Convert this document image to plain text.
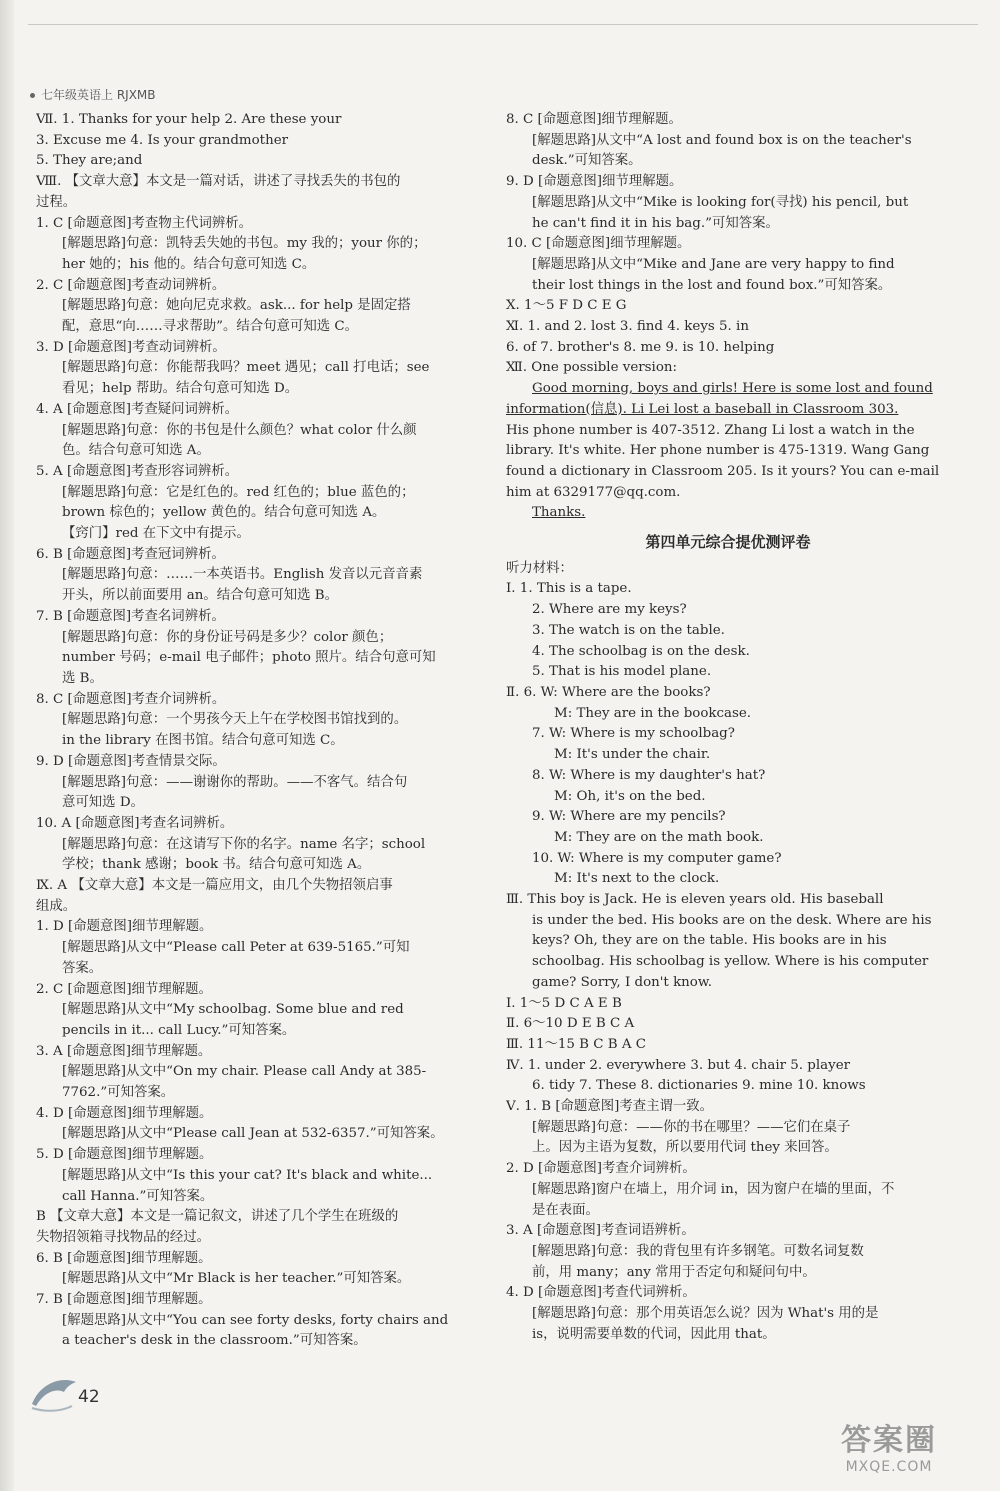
七年级英语上 RJXMB
Ⅶ. 1. Thanks for your help 2. Are these your
3. Excuse me 4. Is your grandmother
5. They are;and
Ⅷ. 【文章大意】本文是一篇对话，讲述了寻找丢失的书包的
过程。
1. C [命题意图]考查物主代词辨析。
[解题思路]句意：凯特丢失她的书包。my 我的；your 你的；
her 她的；his 他的。结合句意可知选 C。
2. C [命题意图]考查动词辨析。
[解题思路]句意：她向尼克求救。ask... for help 是固定搭
配，意思“向……寻求帮助”。结合句意可知选 C。
3. D [命题意图]考查动词辨析。
[解题思路]句意：你能帮我吗？meet 遇见；call 打电话；see
看见；help 帮助。结合句意可知选 D。
4. A [命题意图]考查疑问词辨析。
[解题思路]句意：你的书包是什么颜色？what color 什么颜
色。结合句意可知选 A。
5. A [命题意图]考查形容词辨析。
[解题思路]句意：它是红色的。red 红色的；blue 蓝色的；
brown 棕色的；yellow 黄色的。结合句意可知选 A。
【窍门】red 在下文中有提示。
6. B [命题意图]考查冠词辨析。
[解题思路]句意：……一本英语书。English 发音以元音音素
开头，所以前面要用 an。结合句意可知选 B。
7. B [命题意图]考查名词辨析。
[解题思路]句意：你的身份证号码是多少？color 颜色；
number 号码；e-mail 电子邮件；photo 照片。结合句意可知
选 B。
8. C [命题意图]考查介词辨析。
[解题思路]句意：一个男孩今天上午在学校图书馆找到的。
in the library 在图书馆。结合句意可知选 C。
9. D [命题意图]考查情景交际。
[解题思路]句意：——谢谢你的帮助。——不客气。结合句
意可知选 D。
10. A [命题意图]考查名词辨析。
[解题思路]句意：在这请写下你的名字。name 名字；school
学校；thank 感谢；book 书。结合句意可知选 A。
Ⅸ. A 【文章大意】本文是一篇应用文，由几个失物招领启事
组成。
1. D [命题意图]细节理解题。
[解题思路]从文中“Please call Peter at 639-5165.”可知
答案。
2. C [命题意图]细节理解题。
[解题思路]从文中“My schoolbag. Some blue and red
pencils in it... call Lucy.”可知答案。
3. A [命题意图]细节理解题。
[解题思路]从文中“On my chair. Please call Andy at 385-
7762.”可知答案。
4. D [命题意图]细节理解题。
[解题思路]从文中“Please call Jean at 532-6357.”可知答案。
5. D [命题意图]细节理解题。
[解题思路]从文中“Is this your cat? It's black and white...
call Hanna.”可知答案。
B 【文章大意】本文是一篇记叙文，讲述了几个学生在班级的
失物招领箱寻找物品的经过。
6. B [命题意图]细节理解题。
[解题思路]从文中“Mr Black is her teacher.”可知答案。
7. B [命题意图]细节理解题。
[解题思路]从文中“You can see forty desks, forty chairs and
a teacher's desk in the classroom.”可知答案。
8. C [命题意图]细节理解题。
[解题思路]从文中“A lost and found box is on the teacher's
desk.”可知答案。
9. D [命题意图]细节理解题。
[解题思路]从文中“Mike is looking for(寻找) his pencil, but
he can't find it in his bag.”可知答案。
10. C [命题意图]细节理解题。
[解题思路]从文中“Mike and Jane are very happy to find
their lost things in the lost and found box.”可知答案。
Ⅹ. 1～5 F D C E G
Ⅺ. 1. and 2. lost 3. find 4. keys 5. in
6. of 7. brother's 8. me 9. is 10. helping
Ⅻ. One possible version:
Good morning, boys and girls! Here is some lost and found
information(信息). Li Lei lost a baseball in Classroom 303.
His phone number is 407-3512. Zhang Li lost a watch in the
library. It's white. Her phone number is 475-1319. Wang Gang
found a dictionary in Classroom 205. Is it yours? You can e-mail
him at 6329177@qq.com.
Thanks.
第四单元综合提优测评卷
听力材料：
Ⅰ. 1. This is a tape.
2. Where are my keys?
3. The watch is on the table.
4. The schoolbag is on the desk.
5. That is his model plane.
Ⅱ. 6. W: Where are the books?
M: They are in the bookcase.
7. W: Where is my schoolbag?
M: It's under the chair.
8. W: Where is my daughter's hat?
M: Oh, it's on the bed.
9. W: Where are my pencils?
M: They are on the math book.
10. W: Where is my computer game?
M: It's next to the clock.
Ⅲ. This boy is Jack. He is eleven years old. His baseball
is under the bed. His books are on the desk. Where are his
keys? Oh, they are on the table. His books are in his
schoolbag. His schoolbag is yellow. Where is his computer
game? Sorry, I don't know.
Ⅰ. 1～5 D C A E B
Ⅱ. 6～10 D E B C A
Ⅲ. 11～15 B C B A C
Ⅳ. 1. under 2. everywhere 3. but 4. chair 5. player
6. tidy 7. These 8. dictionaries 9. mine 10. knows
Ⅴ. 1. B [命题意图]考查主谓一致。
[解题思路]句意：——你的书在哪里？——它们在桌子
上。因为主语为复数，所以要用代词 they 来回答。
2. D [命题意图]考查介词辨析。
[解题思路]窗户在墙上，用介词 in，因为窗户在墙的里面，不
是在表面。
3. A [命题意图]考查词语辨析。
[解题思路]句意：我的背包里有许多钢笔。可数名词复数
前，用 many；any 常用于否定句和疑问句中。
4. D [命题意图]考查代词辨析。
[解题思路]句意：那个用英语怎么说？因为 What's 用的是
is，说明需要单数的代词，因此用 that。
42
答案圈
MXQE.COM
